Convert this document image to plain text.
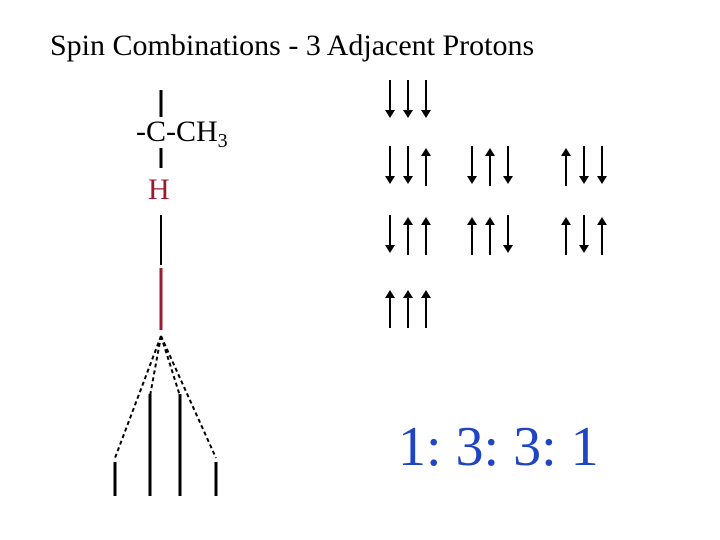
Spin Combinations - 3 Adjacent Protons
$-C-CH_3$
H
1: 3: 3: 1
